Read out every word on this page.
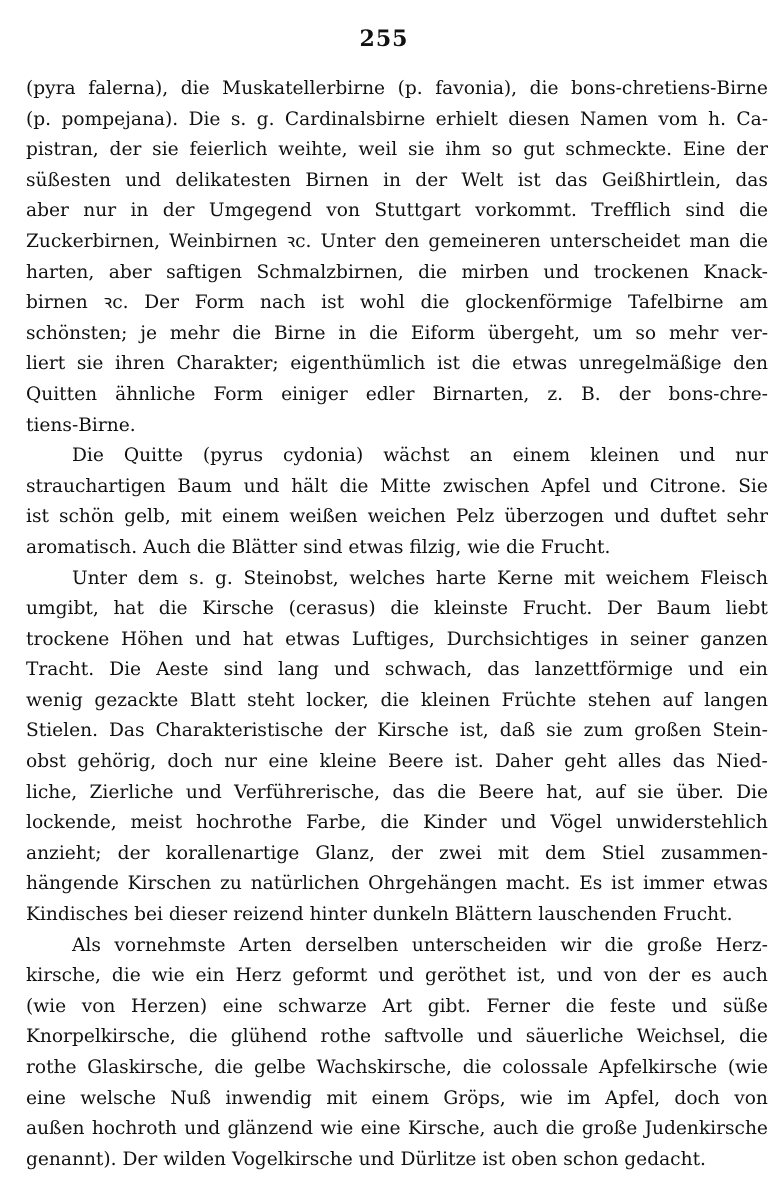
255
(pyra falerna), die Muskatellerbirne (p. favonia), die bons-chretiens-Birne
(p. pompejana). Die s. g. Cardinalsbirne erhielt diesen Namen vom h. Ca-
pistran, der sie feierlich weihte, weil sie ihm so gut schmeckte. Eine der
süßesten und delikatesten Birnen in der Welt ist das Geißhirtlein, das
aber nur in der Umgegend von Stuttgart vorkommt. Trefflich sind die
Zuckerbirnen, Weinbirnen ꝛc. Unter den gemeineren unterscheidet man die
harten, aber saftigen Schmalzbirnen, die mirben und trockenen Knack-
birnen ꝛc. Der Form nach ist wohl die glockenförmige Tafelbirne am
schönsten; je mehr die Birne in die Eiform übergeht, um so mehr ver-
liert sie ihren Charakter; eigenthümlich ist die etwas unregelmäßige den
Quitten ähnliche Form einiger edler Birnarten, z. B. der bons-chre-
tiens-Birne.
Die Quitte (pyrus cydonia) wächst an einem kleinen und nur
strauchartigen Baum und hält die Mitte zwischen Apfel und Citrone. Sie
ist schön gelb, mit einem weißen weichen Pelz überzogen und duftet sehr
aromatisch. Auch die Blätter sind etwas filzig, wie die Frucht.
Unter dem s. g. Steinobst, welches harte Kerne mit weichem Fleisch
umgibt, hat die Kirsche (cerasus) die kleinste Frucht. Der Baum liebt
trockene Höhen und hat etwas Luftiges, Durchsichtiges in seiner ganzen
Tracht. Die Aeste sind lang und schwach, das lanzettförmige und ein
wenig gezackte Blatt steht locker, die kleinen Früchte stehen auf langen
Stielen. Das Charakteristische der Kirsche ist, daß sie zum großen Stein-
obst gehörig, doch nur eine kleine Beere ist. Daher geht alles das Nied-
liche, Zierliche und Verführerische, das die Beere hat, auf sie über. Die
lockende, meist hochrothe Farbe, die Kinder und Vögel unwiderstehlich
anzieht; der korallenartige Glanz, der zwei mit dem Stiel zusammen-
hängende Kirschen zu natürlichen Ohrgehängen macht. Es ist immer etwas
Kindisches bei dieser reizend hinter dunkeln Blättern lauschenden Frucht.
Als vornehmste Arten derselben unterscheiden wir die große Herz-
kirsche, die wie ein Herz geformt und geröthet ist, und von der es auch
(wie von Herzen) eine schwarze Art gibt. Ferner die feste und süße
Knorpelkirsche, die glühend rothe saftvolle und säuerliche Weichsel, die
rothe Glaskirsche, die gelbe Wachskirsche, die colossale Apfelkirsche (wie
eine welsche Nuß inwendig mit einem Gröps, wie im Apfel, doch von
außen hochroth und glänzend wie eine Kirsche, auch die große Judenkirsche
genannt). Der wilden Vogelkirsche und Dürlitze ist oben schon gedacht.
